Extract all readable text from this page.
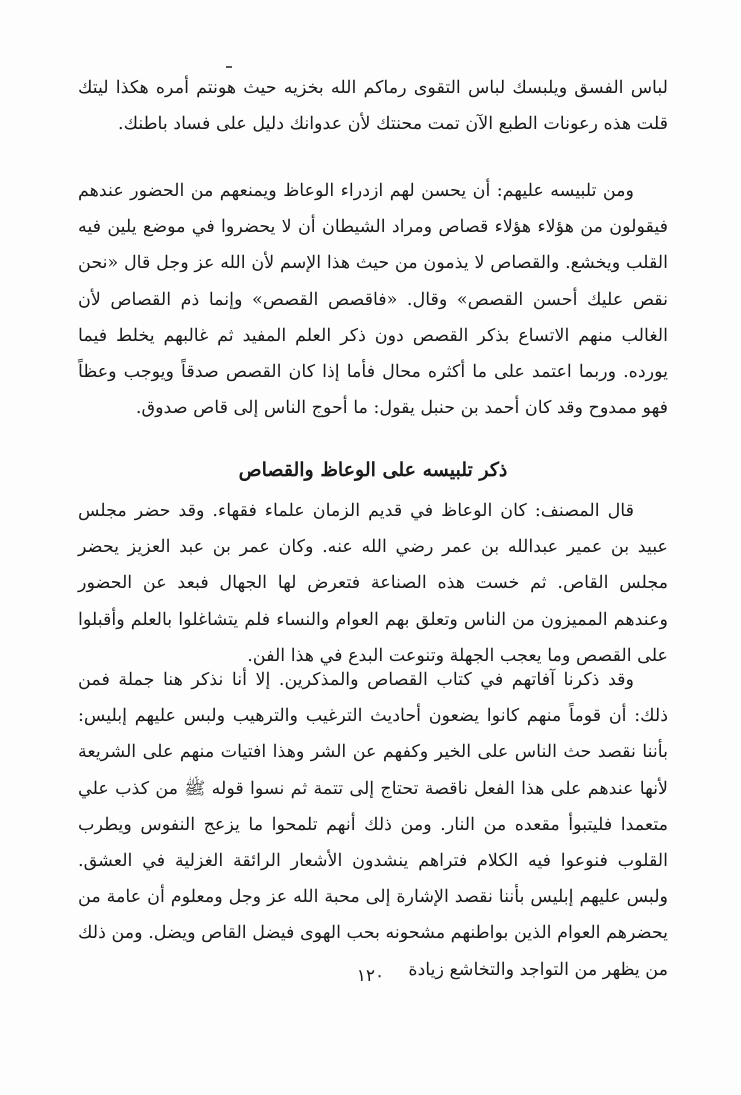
لباس الفسق ويلبسك لباس التقوى رماكم الله بخزيه حيث هونتم أمره هكذا ليتك قلت هذه رعونات الطبع الآن تمت محنتك لأن عدوانك دليل على فساد باطنك.

ومن تلبيسه عليهم: أن يحسن لهم ازدراء الوعاظ ويمنعهم من الحضور عندهم فيقولون من هؤلاء هؤلاء قصاص ومراد الشيطان أن لا يحضروا في موضع يلين فيه القلب ويخشع. والقصاص لا يذمون من حيث هذا الإسم لأن الله عز وجل قال «نحن نقص عليك أحسن القصص» وقال. «فاقصص القصص» وإنما ذم القصاص لأن الغالب منهم الاتساع بذكر القصص دون ذكر العلم المفيد ثم غالبهم يخلط فيما يورده. وربما اعتمد على ما أكثره محال فأما إذا كان القصص صدقاً ويوجب وعظاً فهو ممدوح وقد كان أحمد بن حنبل يقول: ما أحوج الناس إلى قاص صدوق.

ذكر تلبيسه على الوعاظ والقصاص

قال المصنف: كان الوعاظ في قديم الزمان علماء فقهاء. وقد حضر مجلس عبيد بن عمير عبدالله بن عمر رضي الله عنه. وكان عمر بن عبد العزيز يحضر مجلس القاص. ثم خست هذه الصناعة فتعرض لها الجهال فبعد عن الحضور وعندهم المميزون من الناس وتعلق بهم العوام والنساء فلم يتشاغلوا بالعلم وأقبلوا على القصص وما يعجب الجهلة وتنوعت البدع في هذا الفن.

وقد ذكرنا آفاتهم في كتاب القصاص والمذكرين. إلا أنا نذكر هنا جملة فمن ذلك: أن قوماً منهم كانوا يضعون أحاديث الترغيب والترهيب ولبس عليهم إبليس: بأننا نقصد حث الناس على الخير وكفهم عن الشر وهذا افتيات منهم على الشريعة لأنها عندهم على هذا الفعل ناقصة تحتاج إلى تتمة ثم نسوا قوله ﷺ من كذب علي متعمدا فليتبوأ مقعده من النار. ومن ذلك أنهم تلمحوا ما يزعج النفوس ويطرب القلوب فنوعوا فيه الكلام فتراهم ينشدون الأشعار الرائقة الغزلية في العشق. ولبس عليهم إبليس بأننا نقصد الإشارة إلى محبة الله عز وجل ومعلوم أن عامة من يحضرهم العوام الذين بواطنهم مشحونه بحب الهوى فيضل القاص ويضل. ومن ذلك من يظهر من التواجد والتخاشع زيادة

١٢٠
